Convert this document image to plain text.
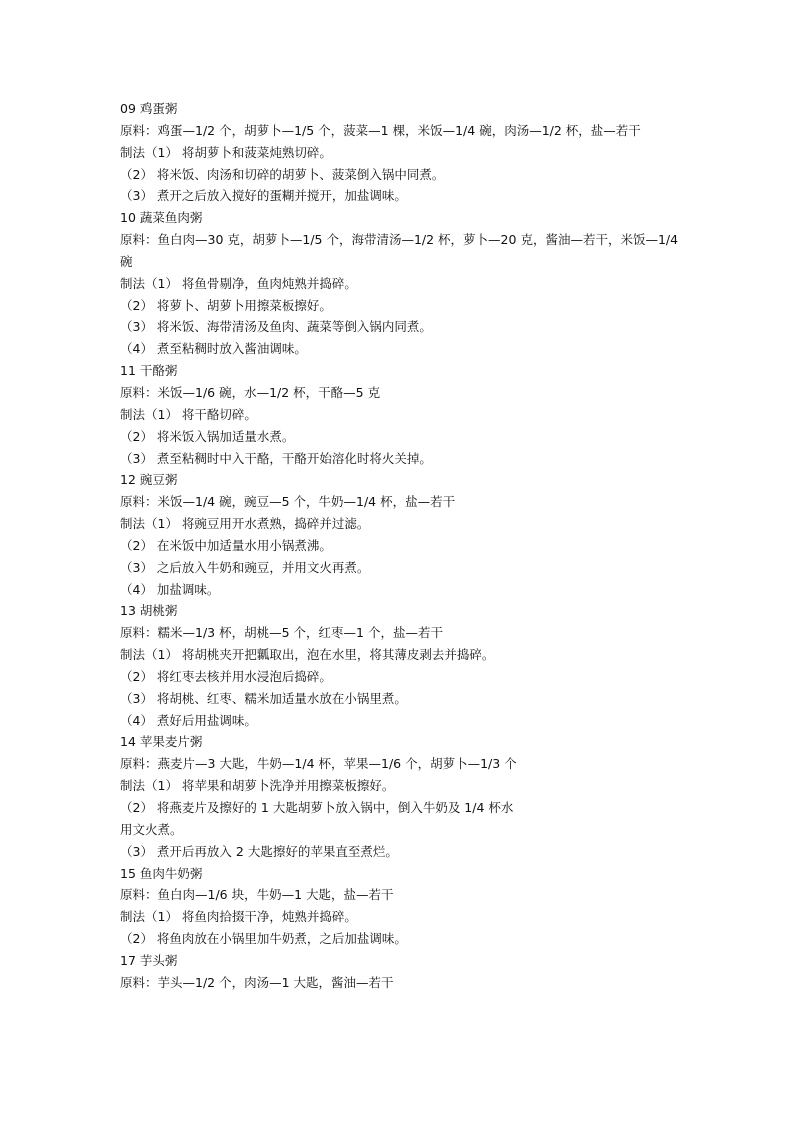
09 鸡蛋粥
原料：鸡蛋—1/2 个，胡萝卜—1/5 个，菠菜—1 棵，米饭—1/4 碗，肉汤—1/2 杯，盐—若干
制法（1） 将胡萝卜和菠菜炖熟切碎。
（2） 将米饭、肉汤和切碎的胡萝卜、菠菜倒入锅中同煮。
（3） 煮开之后放入搅好的蛋糊并搅开，加盐调味。
10 蔬菜鱼肉粥
原料：鱼白肉—30 克，胡萝卜—1/5 个，海带清汤—1/2 杯，萝卜—20 克，酱油—若干，米饭—1/4 碗
制法（1） 将鱼骨剔净，鱼肉炖熟并捣碎。
（2） 将萝卜、胡萝卜用擦菜板擦好。
（3） 将米饭、海带清汤及鱼肉、蔬菜等倒入锅内同煮。
（4） 煮至粘稠时放入酱油调味。
11 干酪粥
原料：米饭—1/6 碗，水—1/2 杯，干酪—5 克
制法（1） 将干酪切碎。
（2） 将米饭入锅加适量水煮。
（3） 煮至粘稠时中入干酪，干酪开始溶化时将火关掉。
12 豌豆粥
原料：米饭—1/4 碗，豌豆—5 个，牛奶—1/4 杯，盐—若干
制法（1） 将豌豆用开水煮熟，捣碎并过滤。
（2） 在米饭中加适量水用小锅煮沸。
（3） 之后放入牛奶和豌豆，并用文火再煮。
（4） 加盐调味。
13 胡桃粥
原料：糯米—1/3 杯，胡桃—5 个，红枣—1 个，盐—若干
制法（1） 将胡桃夹开把瓤取出，泡在水里，将其薄皮剥去并捣碎。
（2） 将红枣去核并用水浸泡后捣碎。
（3） 将胡桃、红枣、糯米加适量水放在小锅里煮。
（4） 煮好后用盐调味。
14 苹果麦片粥
原料：燕麦片—3 大匙，牛奶—1/4 杯，苹果—1/6 个，胡萝卜—1/3 个
制法（1） 将苹果和胡萝卜洗净并用擦菜板擦好。
（2） 将燕麦片及擦好的 1 大匙胡萝卜放入锅中，倒入牛奶及 1/4 杯水
用文火煮。
（3） 煮开后再放入 2 大匙擦好的苹果直至煮烂。
15 鱼肉牛奶粥
原料：鱼白肉—1/6 块，牛奶—1 大匙，盐—若干
制法（1） 将鱼肉拾掇干净，炖熟并捣碎。
（2） 将鱼肉放在小锅里加牛奶煮，之后加盐调味。
17 芋头粥
原料：芋头—1/2 个，肉汤—1 大匙，酱油—若干
